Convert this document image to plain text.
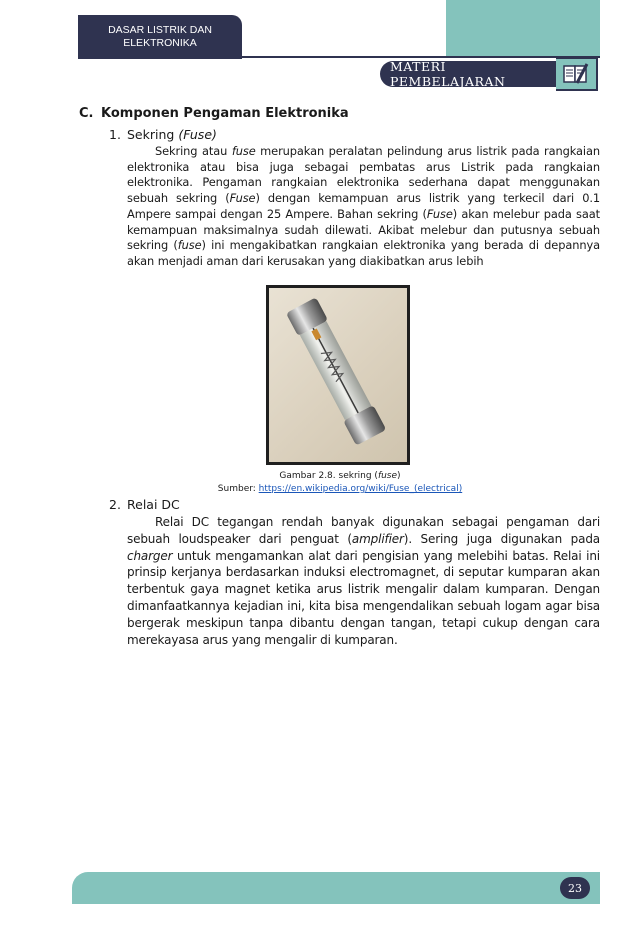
DASAR LISTRIK DAN
ELEKTRONIKA
MATERI PEMBELAJARAN
C. Komponen Pengaman Elektronika
1. Sekring (Fuse)
Sekring atau fuse merupakan peralatan pelindung arus listrik pada rangkaian elektronika atau bisa juga sebagai pembatas arus Listrik pada rangkaian elektronika. Pengaman rangkaian elektronika sederhana dapat menggunakan sebuah sekring (Fuse) dengan kemampuan arus listrik yang terkecil dari 0.1 Ampere sampai dengan 25 Ampere. Bahan sekring (Fuse) akan melebur pada saat kemampuan maksimalnya sudah dilewati. Akibat melebur dan putusnya sebuah sekring (fuse) ini mengakibatkan rangkaian elektronika yang berada di depannya akan menjadi aman dari kerusakan yang diakibatkan arus lebih
Gambar 2.8. sekring (fuse)
Sumber: https://en.wikipedia.org/wiki/Fuse_(electrical)
2. Relai DC
Relai DC tegangan rendah banyak digunakan sebagai pengaman dari sebuah loudspeaker dari penguat (amplifier). Sering juga digunakan pada charger untuk mengamankan alat dari pengisian yang melebihi batas. Relai ini prinsip kerjanya berdasarkan induksi electromagnet, di seputar kumparan akan terbentuk gaya magnet ketika arus listrik mengalir dalam kumparan. Dengan dimanfaatkannya kejadian ini, kita bisa mengendalikan sebuah logam agar bisa bergerak meskipun tanpa dibantu dengan tangan, tetapi cukup dengan cara merekayasa arus yang mengalir di kumparan.
23
